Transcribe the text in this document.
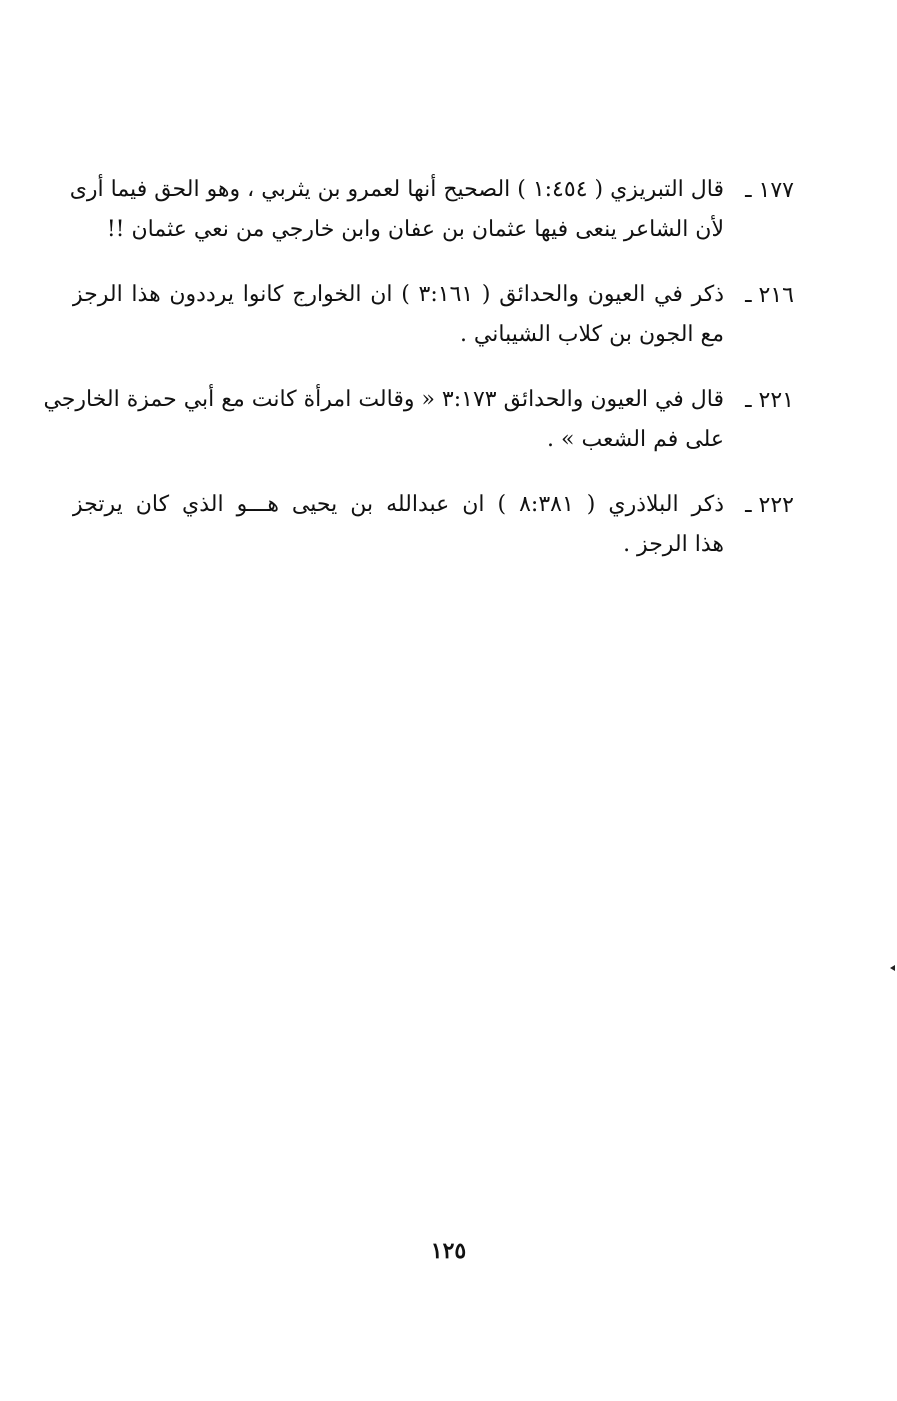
١٧٧ ـ
قال التبريزي ( ١:٤٥٤ ) الصحيح أنها لعمرو بن يثربي ، وهو الحق فيما أرى
لأن الشاعر ينعى فيها عثمان بن عفان وابن خارجي من نعي عثمان !!
٢١٦ ـ
ذكر في العيون والحدائق ( ٣:١٦١ ) ان الخوارج كانوا يرددون هذا الرجز
مع الجون بن كلاب الشيباني .
٢٢١ ـ
قال في العيون والحدائق ٣:١٧٣ « وقالت امرأة كانت مع أبي حمزة الخارجي
على فم الشعب » .
٢٢٢ ـ
ذكر البلاذري ( ٨:٣٨١ ) ان عبدالله بن يحيى هـــو الذي كان يرتجز
هذا الرجز .
١٢٥
